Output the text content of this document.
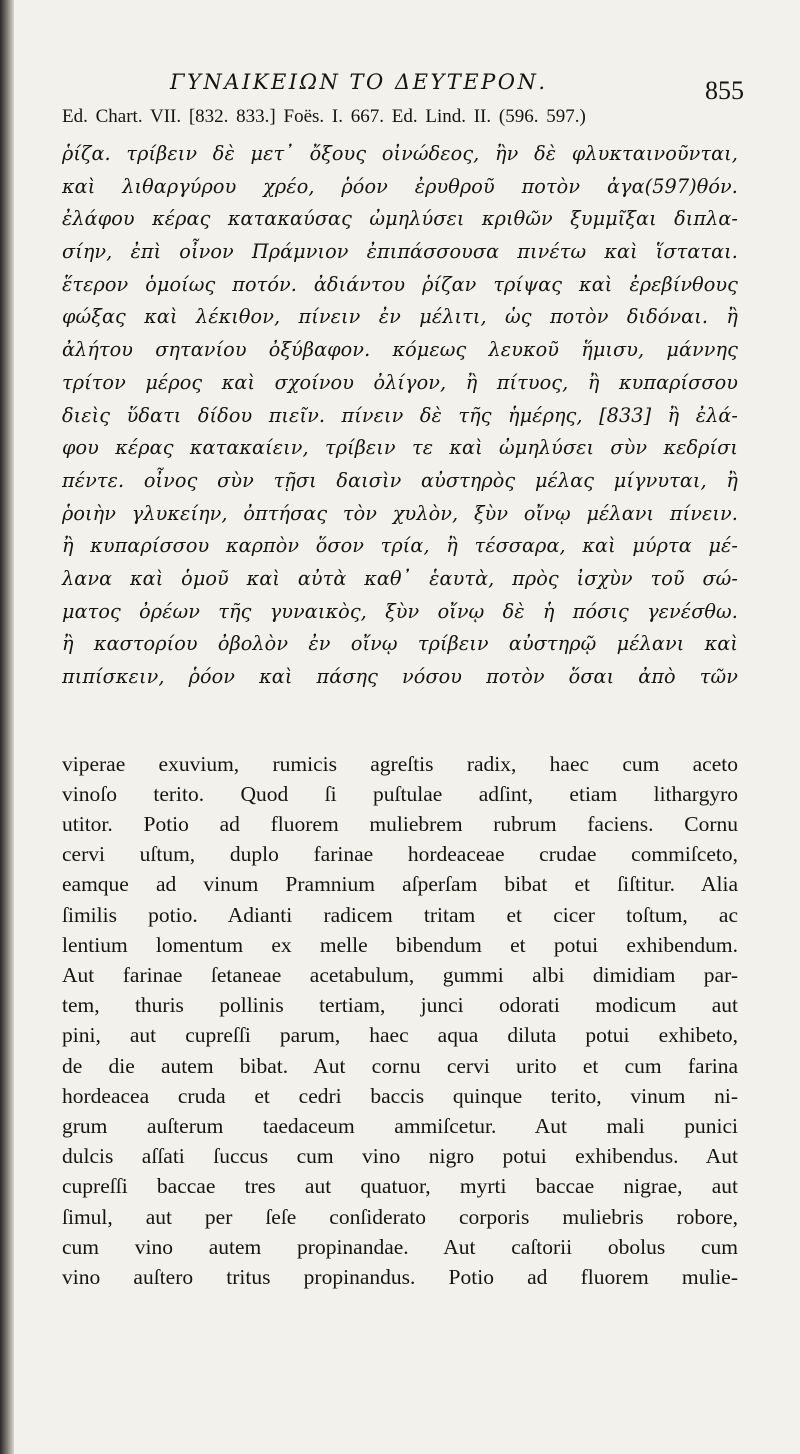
ΓΥΝΑΙΚΕΙΩΝ ΤΟ ΔΕΥΤΕΡΟΝ.	855
Ed. Chart. VII. [832. 833.] Foës. I. 667. Ed. Lind. II. (596. 597.)
ῥίζα. τρίβειν δὲ μετ᾽ ὄξους οἰνώδεος, ἢν δὲ φλυκταινοῦνται,
καὶ λιθαργύρου χρέο, ῥόον ἐρυθροῦ ποτὸν ἀγα(597)θόν.
ἐλάφου κέρας κατακαύσας ὠμηλύσει κριθῶν ξυμμῖξαι διπλα-
σίην, ἐπὶ οἶνον Πράμνιον ἐπιπάσσουσα πινέτω καὶ ἵσταται.
ἕτερον ὁμοίως ποτόν. ἀδιάντου ῥίζαν τρίψας καὶ ἐρεβίνθους
φώξας καὶ λέκιθον, πίνειν ἐν μέλιτι, ὡς ποτὸν διδόναι. ἢ
ἀλήτου σητανίου ὀξύβαφον. κόμεως λευκοῦ ἥμισυ, μάννης
τρίτον μέρος καὶ σχοίνου ὀλίγον, ἢ πίτυος, ἢ κυπαρίσσου
διεὶς ὕδατι δίδου πιεῖν. πίνειν δὲ τῆς ἡμέρης, [833] ἢ ἐλά-
φου κέρας κατακαίειν, τρίβειν τε καὶ ὠμηλύσει σὺν κεδρίσι
πέντε. οἶνος σὺν τῇσι δαισὶν αὐστηρὸς μέλας μίγνυται, ἢ
ῥοιὴν γλυκείην, ὀπτήσας τὸν χυλὸν, ξὺν οἴνῳ μέλανι πίνειν.
ἢ κυπαρίσσου καρπὸν ὅσον τρία, ἢ τέσσαρα, καὶ μύρτα μέ-
λανα καὶ ὁμοῦ καὶ αὐτὰ καθ᾽ ἑαυτὰ, πρὸς ἰσχὺν τοῦ σώ-
ματος ὀρέων τῆς γυναικὸς, ξὺν οἴνῳ δὲ ἡ πόσις γενέσθω.
ἢ καστορίου ὀβολὸν ἐν οἴνῳ τρίβειν αὐστηρῷ μέλανι καὶ
πιπίσκειν, ῥόον καὶ πάσης νόσου ποτὸν ὅσαι ἀπὸ τῶν
viperae exuvium, rumicis agreſtis radix, haec cum aceto
vinoſo terito. Quod ſi puſtulae adſint, etiam lithargyro
utitor. Potio ad fluorem muliebrem rubrum faciens. Cornu
cervi uſtum, duplo farinae hordeaceae crudae commiſceto,
eamque ad vinum Pramnium aſperſam bibat et ſiſtitur. Alia
ſimilis potio. Adianti radicem tritam et cicer toſtum, ac
lentium lomentum ex melle bibendum et potui exhibendum.
Aut farinae ſetaneae acetabulum, gummi albi dimidiam par-
tem, thuris pollinis tertiam, junci odorati modicum aut
pini, aut cupreſſi parum, haec aqua diluta potui exhibeto,
de die autem bibat. Aut cornu cervi urito et cum farina
hordeacea cruda et cedri baccis quinque terito, vinum ni-
grum auſterum taedaceum ammiſcetur. Aut mali punici
dulcis aſſati ſuccus cum vino nigro potui exhibendus. Aut
cupreſſi baccae tres aut quatuor, myrti baccae nigrae, aut
ſimul, aut per ſeſe conſiderato corporis muliebris robore,
cum vino autem propinandae. Aut caſtorii obolus cum
vino auſtero tritus propinandus. Potio ad fluorem mulie-
